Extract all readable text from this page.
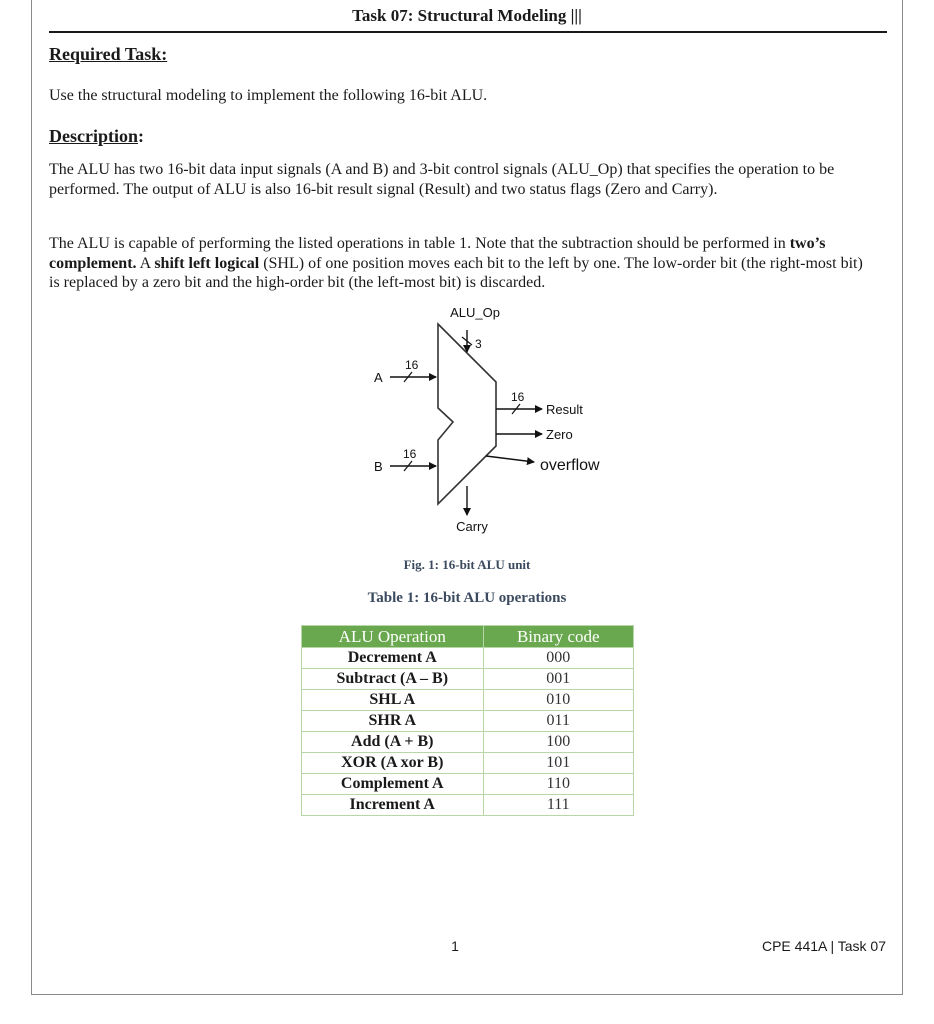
Task 07: Structural Modeling |||
Required Task:
Use the structural modeling to implement the following 16-bit ALU.
Description:
The ALU has two 16-bit data input signals (A and B) and 3-bit control signals (ALU_Op) that specifies the operation to be performed. The output of ALU is also 16-bit result signal (Result) and two status flags (Zero and Carry).
The ALU is capable of performing the listed operations in table 1. Note that the subtraction should be performed in two’s complement. A shift left logical (SHL) of one position moves each bit to the left by one. The low-order bit (the right-most bit) is replaced by a zero bit and the high-order bit (the left-most bit) is discarded.
ALU_Op
3
A
16
B
16
16
Result
Zero
overflow
Carry
Fig. 1: 16-bit ALU unit
Table 1: 16-bit ALU operations
ALU Operation	Binary code
Decrement A	000
Subtract (A – B)	001
SHL A	010
SHR A	011
Add (A + B)	100
XOR (A xor B)	101
Complement A	110
Increment A	111
1	CPE 441A | Task 07
